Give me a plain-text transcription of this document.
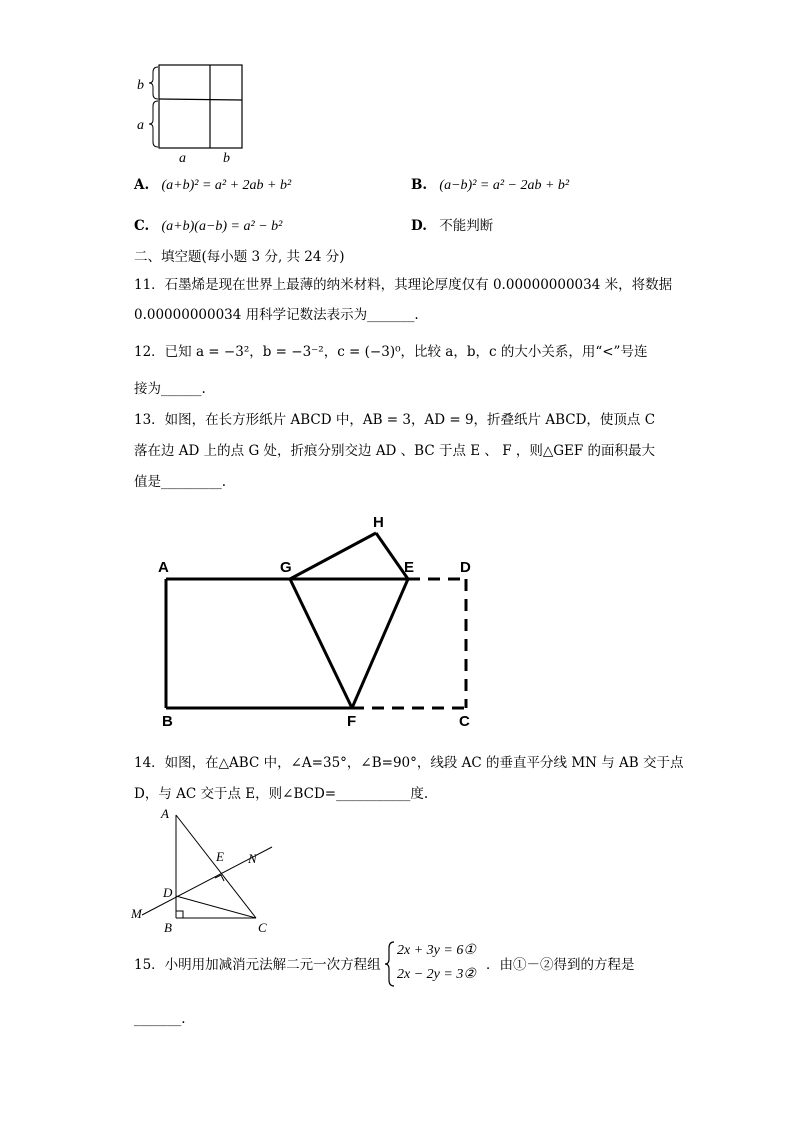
b
a
a	b
A. (a+b)² = a² + 2ab + b²	B. (a−b)² = a² − 2ab + b²
C. (a+b)(a−b) = a² − b²	D. 不能判断
二、填空题(每小题 3 分, 共 24 分)
11．石墨烯是现在世界上最薄的纳米材料，其理论厚度仅有 0.00000000034 米，将数据
0.00000000034 用科学记数法表示为_______.
12．已知 a = −3²，b = −3⁻²，c = (−3)⁰，比较 a，b，c 的大小关系，用“<”号连
接为______.
13．如图，在长方形纸片 ABCD 中，AB = 3，AD = 9，折叠纸片 ABCD，使顶点 C
落在边 AD 上的点 G 处，折痕分别交边 AD 、BC 于点 E 、 F ，则△GEF 的面积最大
值是_________.
A	G
H
E	D
B	F	C
14．如图，在△ABC 中，∠A=35°，∠B=90°，线段 AC 的垂直平分线 MN 与 AB 交于点
D，与 AC 交于点 E，则∠BCD=___________度.
A
E N
D
M
B	C
15．小明用加减消元法解二元一次方程组
2x + 3y = 6①
2x − 2y = 3②
．由①－②得到的方程是
_______.
